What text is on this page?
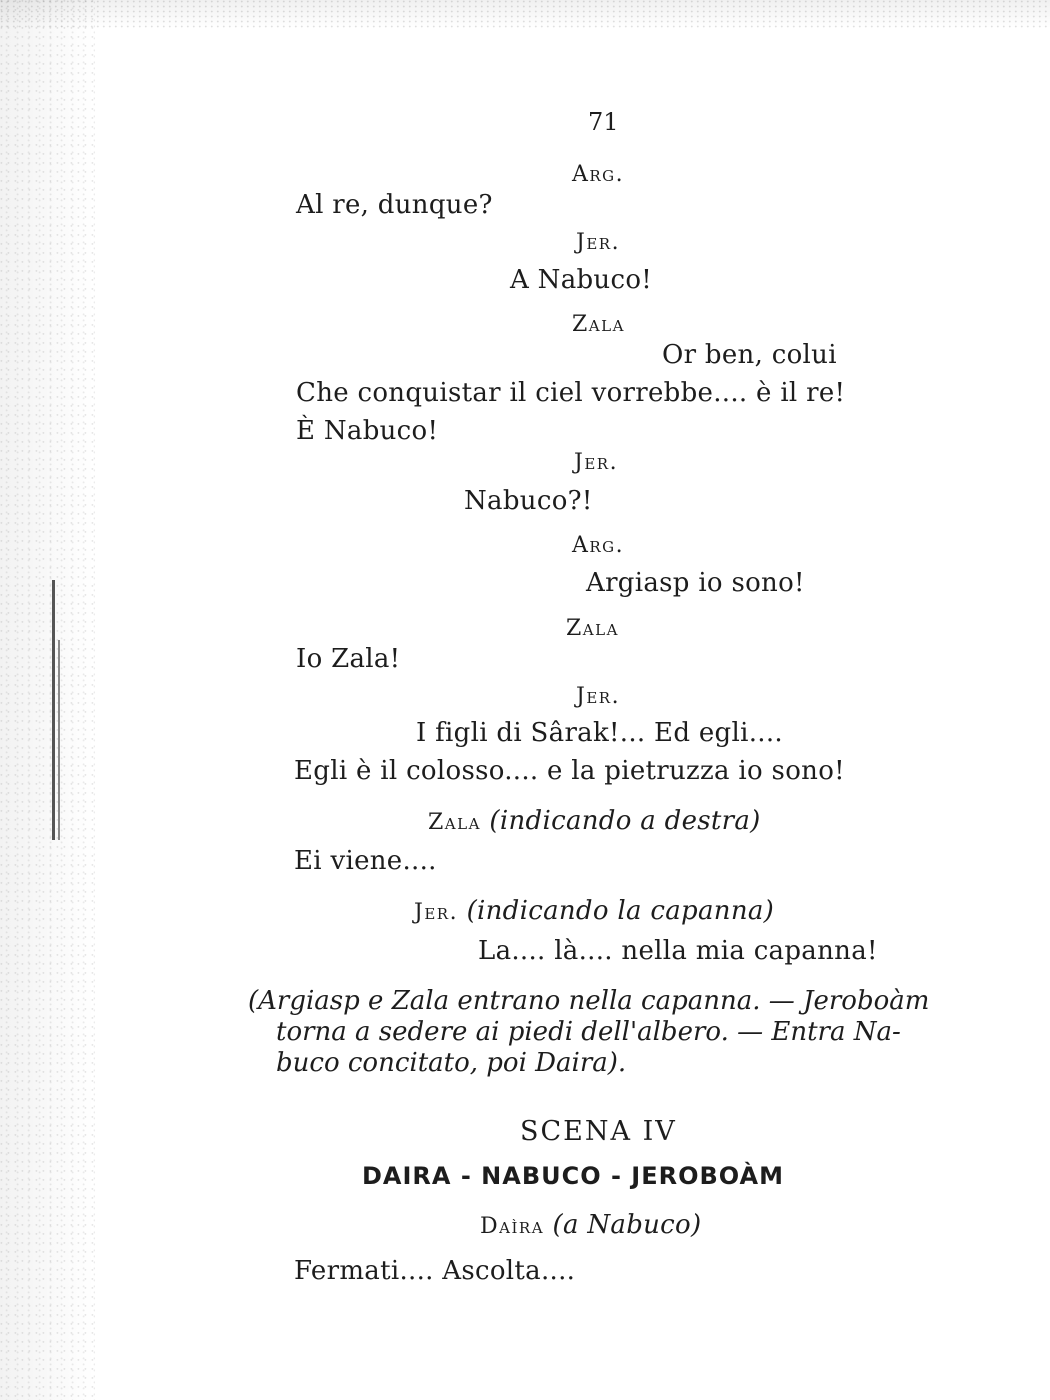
71
Arg.
Al re, dunque?
Jer.
A Nabuco!
Zala
Or ben, colui
Che conquistar il ciel vorrebbe.... è il re!
È Nabuco!
Jer.
Nabuco?!
Arg.
Argiasp io sono!
Zala
Io Zala!
Jer.
I figli di Sârak!... Ed egli....
Egli è il colosso.... e la pietruzza io sono!
Zala (indicando a destra)
Ei viene....
Jer. (indicando la capanna)
La.... là.... nella mia capanna!
(Argiasp e Zala entrano nella capanna. — Jeroboàm
torna a sedere ai piedi dell'albero. — Entra Na-
buco concitato, poi Daira).
SCENA IV
DAIRA - NABUCO - JEROBOÀM
Daìra (a Nabuco)
Fermati.... Ascolta....
